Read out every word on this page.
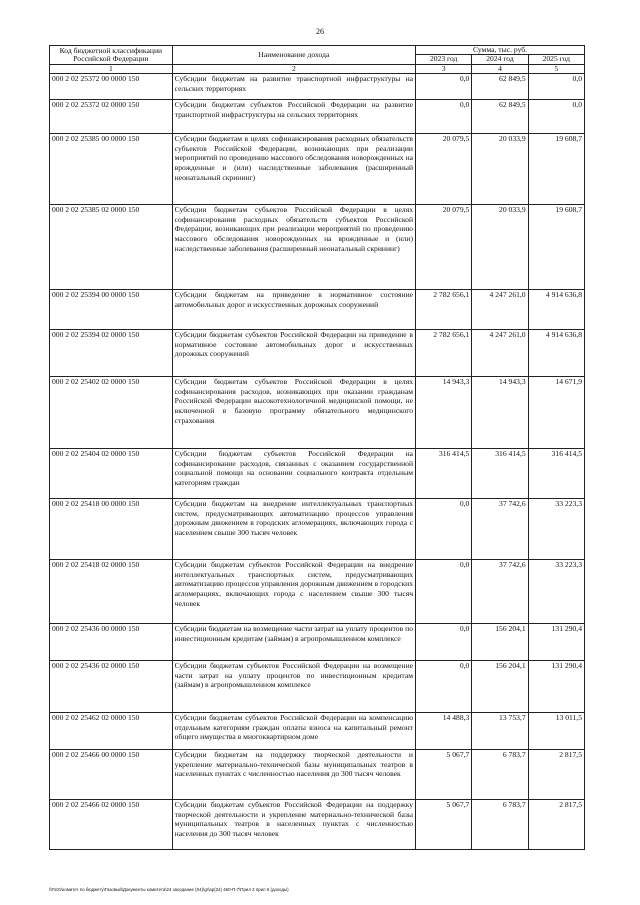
26
Код бюджетной классификации Российской Федерации	Наименование дохода	Сумма, тыс. руб.		
		2023 год	2024 год	2025 год
1	2	3	4	5
000 2 02 25372 00 0000 150	Субсидии бюджетам на развитие транспортной инфраструктуры на сельских территориях	0,0	62 849,5	0,0
000 2 02 25372 02 0000 150	Субсидии бюджетам субъектов Российской Федерации на развитие транспортной инфраструктуры на сельских территориях	0,0	62 849,5	0,0
000 2 02 25385 00 0000 150	Субсидии бюджетам в целях софинансирования расходных обязательств субъектов Российской Федерации, возникающих при реализации мероприятий по проведению массового обследования новорожденных на врожденные и (или) наследственные заболевания (расширенный неонатальный скрининг)	20 079,5	20 033,9	19 608,7
000 2 02 25385 02 0000 150	Субсидии бюджетам субъектов Российской Федерации в целях софинансирования расходных обязательств субъектов Российской Федерации, возникающих при реализации мероприятий по проведению массового обследования новорожденных на врожденные и (или) наследственные заболевания (расширенный неонатальный скрининг)	20 079,5	20 033,9	19 608,7
000 2 02 25394 00 0000 150	Субсидии бюджетам на приведение в нормативное состояние автомобильных дорог и искусственных дорожных сооружений	2 782 656,1	4 247 261,0	4 914 636,8
000 2 02 25394 02 0000 150	Субсидии бюджетам субъектов Российской Федерации на приведение в нормативное состояние автомобильных дорог и искусственных дорожных сооружений	2 782 656,1	4 247 261,0	4 914 636,8
000 2 02 25402 02 0000 150	Субсидии бюджетам субъектов Российской Федерации в целях софинансирования расходов, возникающих при оказании гражданам Российской Федерации высокотехнологичной медицинской помощи, не включенной в базовую программу обязательного медицинского страхования	14 943,3	14 943,3	14 671,9
000 2 02 25404 02 0000 150	Субсидии бюджетам субъектов Российской Федерации на софинансирование расходов, связанных с оказанием государственной социальной помощи на основании социального контракта отдельным категориям граждан	316 414,5	316 414,5	316 414,5
000 2 02 25418 00 0000 150	Субсидии бюджетам на внедрение интеллектуальных транспортных систем, предусматривающих автоматизацию процессов управления дорожным движением в городских агломерациях, включающих города с населением свыше 300 тысяч человек	0,0	37 742,6	33 223,3
000 2 02 25418 02 0000 150	Субсидии бюджетам субъектов Российской Федерации на внедрение интеллектуальных транспортных систем, предусматривающих автоматизацию процессов управления дорожным движением в городских агломерациях, включающих города с населением свыше 300 тысяч человек	0,0	37 742,6	33 223,3
000 2 02 25436 00 0000 150	Субсидии бюджетам на возмещение части затрат на уплату процентов по инвестиционным кредитам (займам) в агропромышленном комплексе	0,0	156 204,1	131 290,4
000 2 02 25436 02 0000 150	Субсидии бюджетам субъектов Российской Федерации на возмещение части затрат на уплату процентов по инвестиционным кредитам (займам) в агропромышленном комплексе	0,0	156 204,1	131 290,4
000 2 02 25462 02 0000 150	Субсидии бюджетам субъектов Российской Федерации на компенсацию отдельным категориям граждан оплаты взноса на капитальный ремонт общего имущества в многоквартирном доме	14 488,3	13 753,7	13 011,5
000 2 02 25466 00 0000 150	Субсидии бюджетам на поддержку творческой деятельности и укрепление материально-технической базы муниципальных театров в населенных пунктах с численностью населения до 300 тысяч человек	5 067,7	6 783,7	2 817,5
000 2 02 25466 02 0000 150	Субсидии бюджетам субъектов Российской Федерации на поддержку творческой деятельности и укрепление материально-технической базы муниципальных театров в населенных пунктах с численностью населения до 300 тысяч человек	5 067,7	6 783,7	2 817,5
\\Fs01\комитет по бюджету\Газовый\Документы комитета\24 заседание (04)\gr\ap(24) 460-П-7\Прил 2 прил 5 (доходы)
